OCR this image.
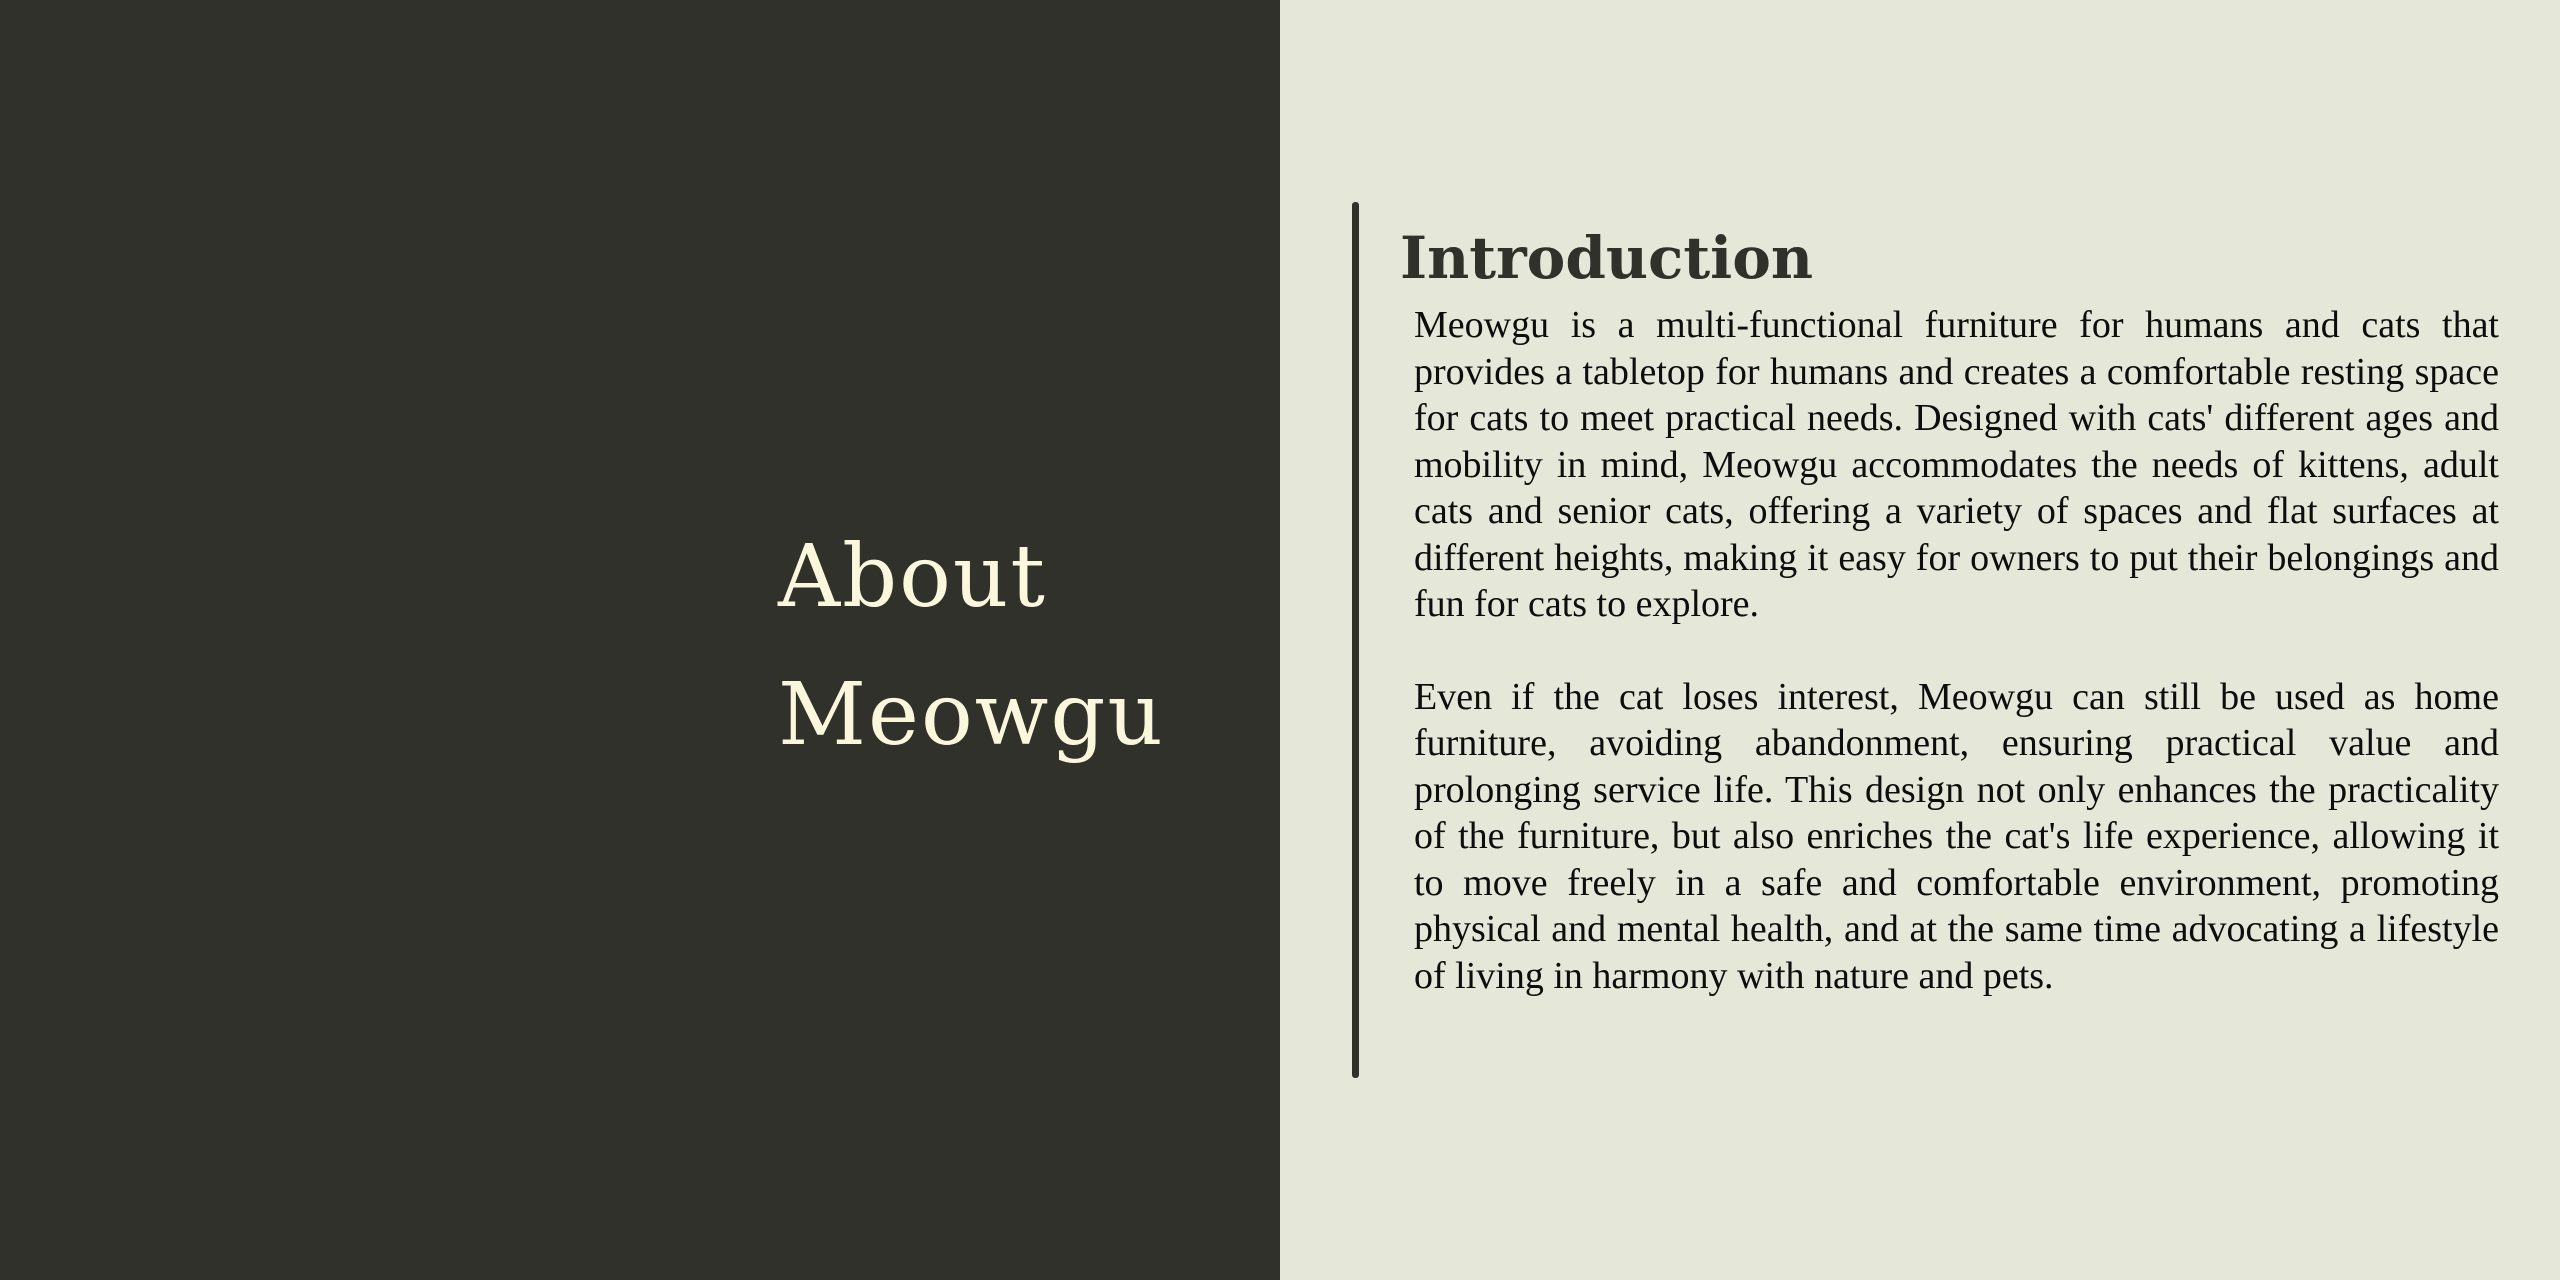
About
Meowgu
Introduction

Meowgu is a multi-functional furniture for humans and cats that provides a tabletop for humans and creates a comfortable resting space for cats to meet practical needs. Designed with cats' different ages and mobility in mind, Meowgu accommodates the needs of kittens, adult cats and senior cats, offering a variety of spaces and flat surfaces at different heights, making it easy for owners to put their belongings and fun for cats to explore.

Even if the cat loses interest, Meowgu can still be used as home furniture, avoiding abandonment, ensuring practical value and prolonging service life. This design not only enhances the practicality of the furniture, but also enriches the cat's life experience, allowing it to move freely in a safe and comfortable environment, promoting physical and mental health, and at the same time advocating a lifestyle of living in harmony with nature and pets.
